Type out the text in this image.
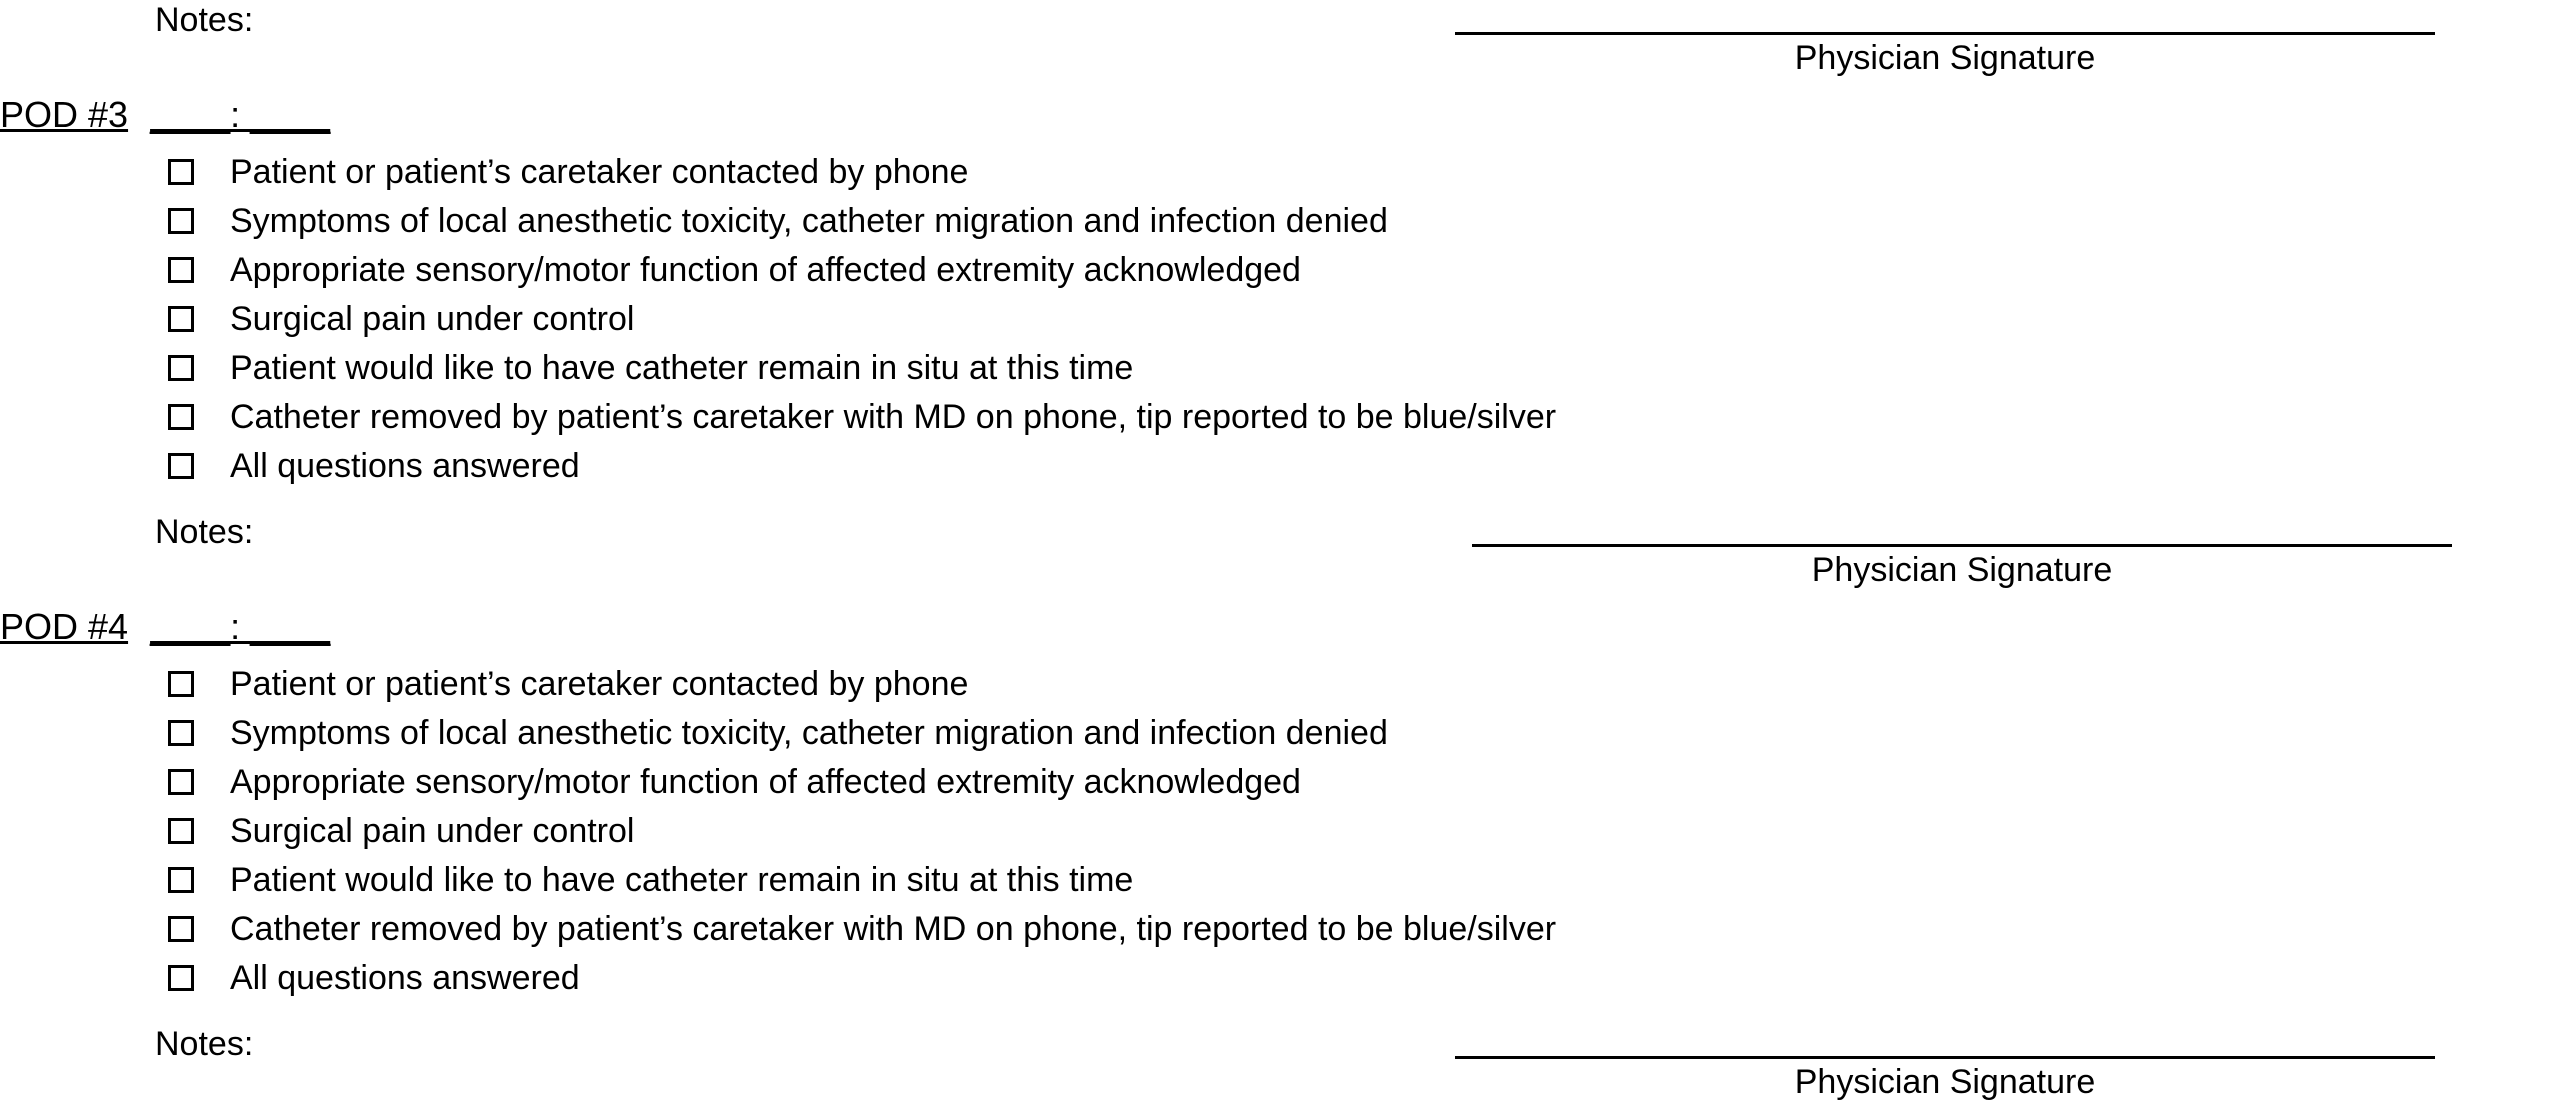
Notes:
Physician Signature
POD #3 ____: ____
Patient or patient’s caretaker contacted by phone
Symptoms of local anesthetic toxicity, catheter migration and infection denied
Appropriate sensory/motor function of affected extremity acknowledged
Surgical pain under control
Patient would like to have catheter remain in situ at this time
Catheter removed by patient’s caretaker with MD on phone, tip reported to be blue/silver
All questions answered
Notes:
Physician Signature
POD #4 ____: ____
Patient or patient’s caretaker contacted by phone
Symptoms of local anesthetic toxicity, catheter migration and infection denied
Appropriate sensory/motor function of affected extremity acknowledged
Surgical pain under control
Patient would like to have catheter remain in situ at this time
Catheter removed by patient’s caretaker with MD on phone, tip reported to be blue/silver
All questions answered
Notes:
Physician Signature
